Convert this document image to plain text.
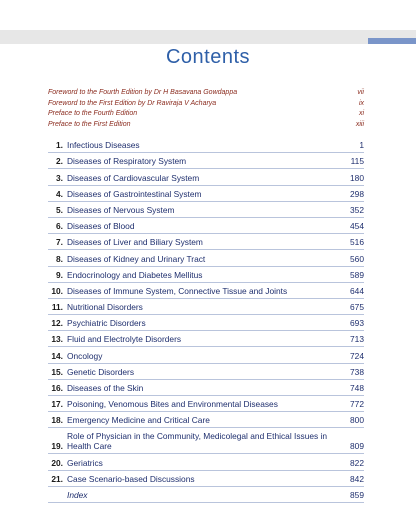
Contents
Foreword to the Fourth Edition by Dr H Basavana Gowdappa	vii
Foreword to the First Edition by Dr Raviraja V Acharya	ix
Preface to the Fourth Edition	xi
Preface to the First Edition	xiii
1. Infectious Diseases	1
2. Diseases of Respiratory System	115
3. Diseases of Cardiovascular System	180
4. Diseases of Gastrointestinal System	298
5. Diseases of Nervous System	352
6. Diseases of Blood	454
7. Diseases of Liver and Biliary System	516
8. Diseases of Kidney and Urinary Tract	560
9. Endocrinology and Diabetes Mellitus	589
10. Diseases of Immune System, Connective Tissue and Joints	644
11. Nutritional Disorders	675
12. Psychiatric Disorders	693
13. Fluid and Electrolyte Disorders	713
14. Oncology	724
15. Genetic Disorders	738
16. Diseases of the Skin	748
17. Poisoning, Venomous Bites and Environmental Diseases	772
18. Emergency Medicine and Critical Care	800
19.
Role of Physician in the Community, Medicolegal and Ethical Issues in Health Care	809
20. Geriatrics	822
21. Case Scenario-based Discussions	842
Index	859
